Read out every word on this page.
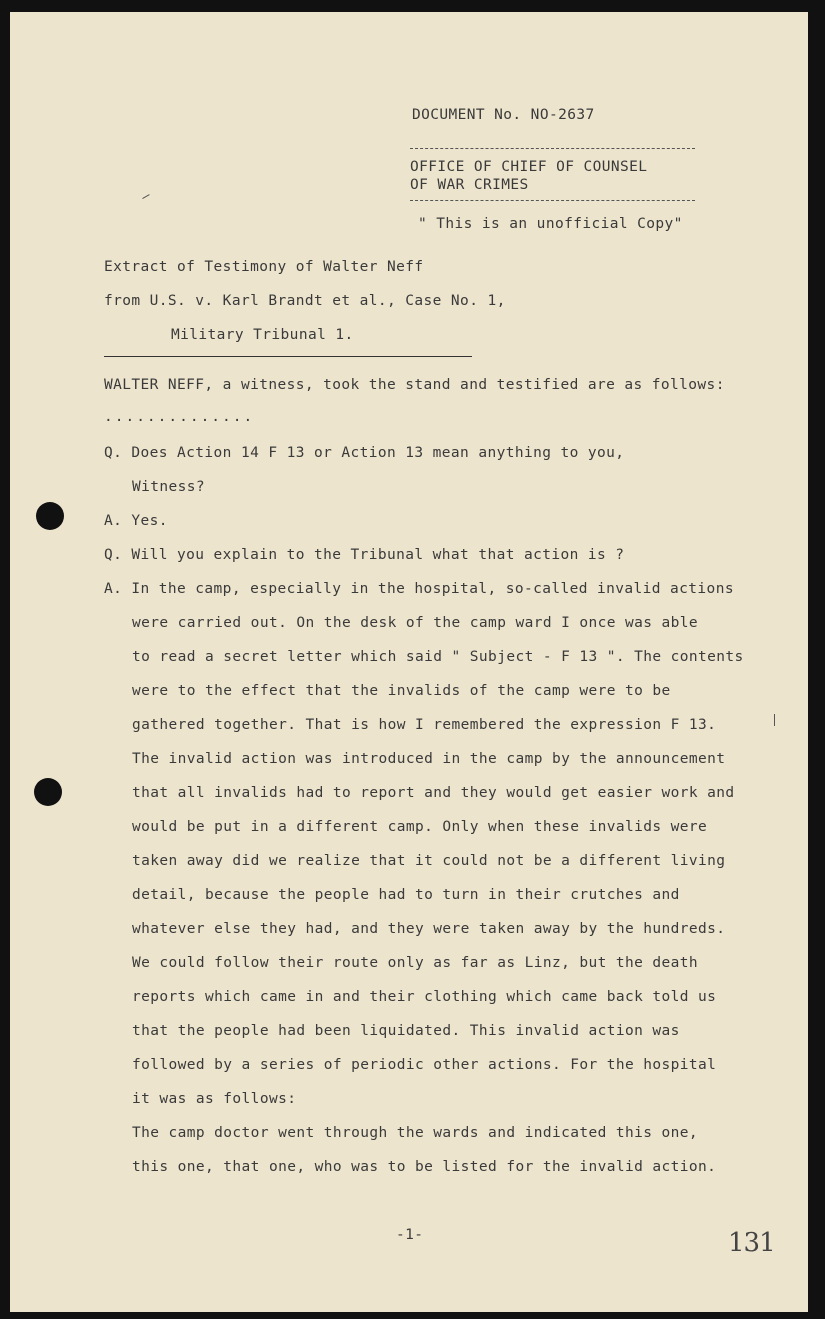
DOCUMENT No. NO-2637
OFFICE OF CHIEF OF COUNSEL
OF WAR CRIMES
" This is an unofficial Copy"
Extract of Testimony of Walter Neff
from U.S. v. Karl Brandt et al., Case No. 1,
Military Tribunal 1.
WALTER NEFF, a witness, took the stand and testified are as follows:
..............
Q. Does Action 14 F 13 or Action 13 mean anything to you,
Witness?
A. Yes.
Q. Will you explain to the Tribunal what that action is ?
A. In the camp, especially in the hospital, so-called invalid actions
were carried out. On the desk of the camp ward I once was able
to read a secret letter which said " Subject - F 13 ". The contents
were to the effect that the invalids of the camp were to be
gathered together. That is how I remembered the expression F 13.
The invalid action was introduced in the camp by the announcement
that all invalids had to report and they would get easier work and
would be put in a different camp. Only when these invalids were
taken away did we realize that it could not be a different living
detail, because the people had to turn in their crutches and
whatever else they had, and they were taken away by the hundreds.
We could follow their route only as far as Linz, but the death
reports which came in and their clothing which came back told us
that the people had been liquidated. This invalid action was
followed by a series of periodic other actions. For the hospital
it was as follows:
The camp doctor went through the wards and indicated this one,
this one, that one, who was to be listed for the invalid action.
-1-	131
